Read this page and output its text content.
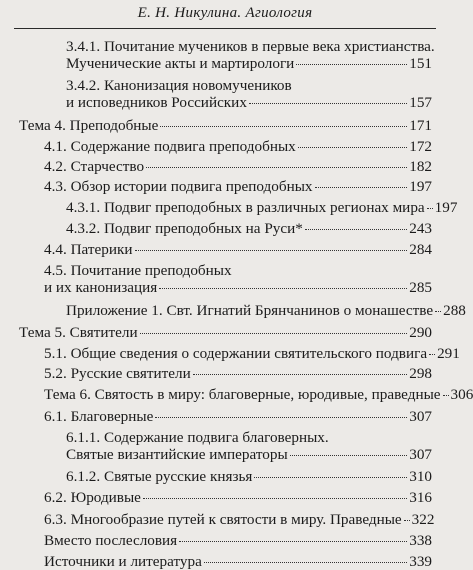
Е. Н. Никулина. Агиология
3.4.1. Почитание мучеников в первые века христианства.
Мученические акты и мартирологи	151
3.4.2. Канонизация новомучеников
и исповедников Российских	157
Тема 4. Преподобные	171
4.1. Содержание подвига преподобных	172
4.2. Старчество	182
4.3. Обзор истории подвига преподобных	197
4.3.1. Подвиг преподобных в различных регионах мира 197
4.3.2. Подвиг преподобных на Руси*	243
4.4. Патерики	284
4.5. Почитание преподобных
и их канонизация	285
Приложение 1. Свт. Игнатий Брянчанинов о монашестве 288
Тема 5. Святители	290
5.1. Общие сведения о содержании святительского подвига 291
5.2. Русские святители	298
Тема 6. Святость в миру: благоверные, юродивые, праведные 306
6.1. Благоверные	307
6.1.1. Содержание подвига благоверных.
Святые византийские императоры	307
6.1.2. Святые русские князья	310
6.2. Юродивые	316
6.3. Многообразие путей к святости в миру. Праведные 322
Вместо послесловия	338
Источники и литература	339
